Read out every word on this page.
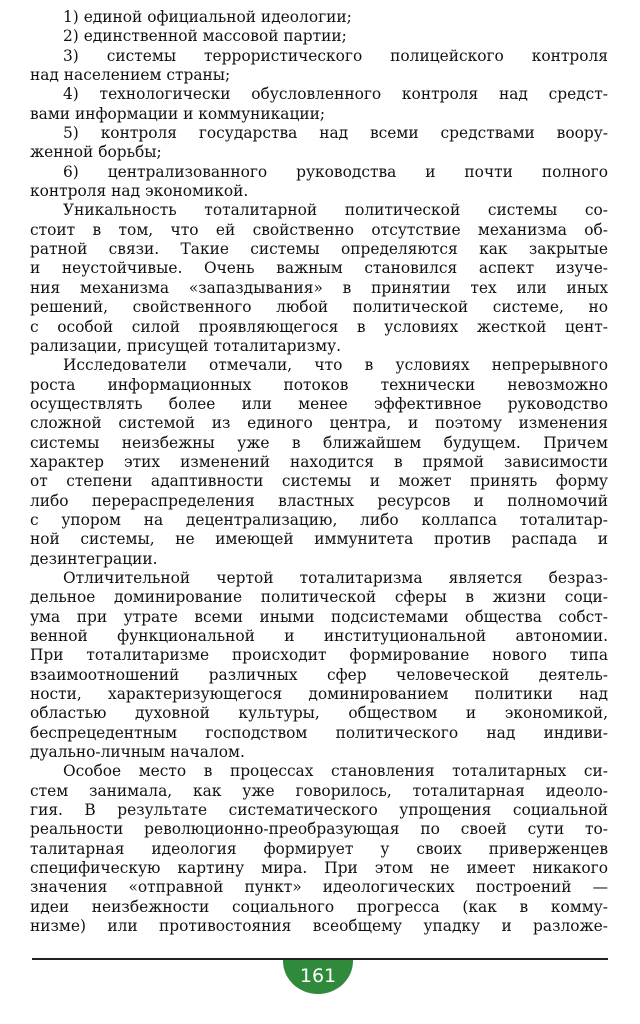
1) единой официальной идеологии;
2) единственной массовой партии;
3) системы террористического полицейского контроля
над населением страны;
4) технологически обусловленного контроля над средст-
вами информации и коммуникации;
5) контроля государства над всеми средствами воору-
женной борьбы;
6) централизованного руководства и почти полного
контроля над экономикой.
Уникальность тоталитарной политической системы со-
стоит в том, что ей свойственно отсутствие механизма об-
ратной связи. Такие системы определяются как закрытые
и неустойчивые. Очень важным становился аспект изуче-
ния механизма «запаздывания» в принятии тех или иных
решений, свойственного любой политической системе, но
с особой силой проявляющегося в условиях жесткой цент-
рализации, присущей тоталитаризму.
Исследователи отмечали, что в условиях непрерывного
роста информационных потоков технически невозможно
осуществлять более или менее эффективное руководство
сложной системой из единого центра, и поэтому изменения
системы неизбежны уже в ближайшем будущем. Причем
характер этих изменений находится в прямой зависимости
от степени адаптивности системы и может принять форму
либо перераспределения властных ресурсов и полномочий
с упором на децентрализацию, либо коллапса тоталитар-
ной системы, не имеющей иммунитета против распада и
дезинтеграции.
Отличительной чертой тоталитаризма является безраз-
дельное доминирование политической сферы в жизни соци-
ума при утрате всеми иными подсистемами общества собст-
венной функциональной и институциональной автономии.
При тоталитаризме происходит формирование нового типа
взаимоотношений различных сфер человеческой деятель-
ности, характеризующегося доминированием политики над
областью духовной культуры, обществом и экономикой,
беспрецедентным господством политического над индиви-
дуально-личным началом.
Особое место в процессах становления тоталитарных си-
стем занимала, как уже говорилось, тоталитарная идеоло-
гия. В результате систематического упрощения социальной
реальности революционно-преобразующая по своей сути то-
талитарная идеология формирует у своих приверженцев
специфическую картину мира. При этом не имеет никакого
значения «отправной пункт» идеологических построений —
идеи неизбежности социального прогресса (как в комму-
низме) или противостояния всеобщему упадку и разложе-
161
